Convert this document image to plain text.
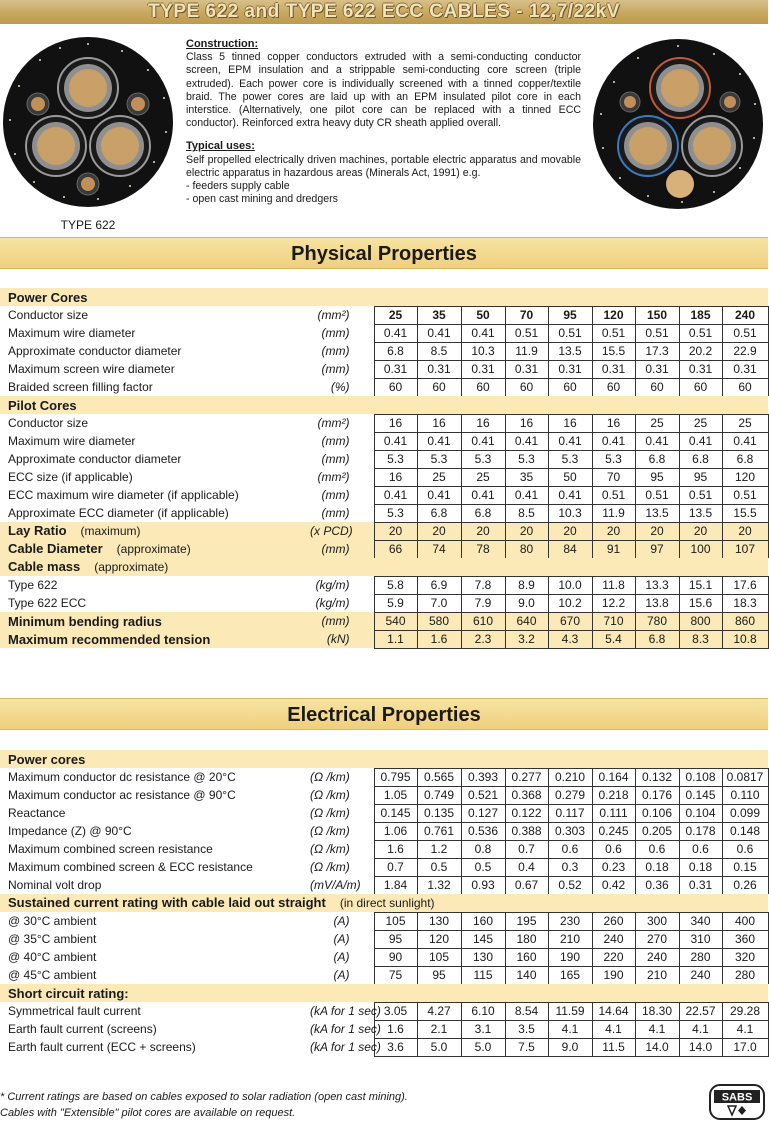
TYPE 622 and TYPE 622 ECC CABLES - 12,7/22kV
TYPE 622
Construction:

Class 5 tinned copper conductors extruded with a semi-conducting conductor screen, EPM insulation and a strippable semi-conducting core screen (triple extruded). Each power core is individually screened with a tinned copper/textile braid. The power cores are laid up with an EPM insulated pilot core in each interstice. (Alternatively, one pilot core can be replaced with a tinned ECC conductor). Reinforced extra heavy duty CR sheath applied overall.

Typical uses:

Self propelled electrically driven machines, portable electric apparatus and movable electric apparatus in hazardous areas (Minerals Act, 1991) e.g.

- feeders supply cable
- open cast mining and dredgers
Physical Properties
Power Cores										
Conductor size	(mm²)	25	35	50	70	95	120	150	185	240
Maximum wire diameter	(mm)	0.41	0.41	0.41	0.51	0.51	0.51	0.51	0.51	0.51
Approximate conductor diameter	(mm)	6.8	8.5	10.3	11.9	13.5	15.5	17.3	20.2	22.9
Maximum screen wire diameter	(mm)	0.31	0.31	0.31	0.31	0.31	0.31	0.31	0.31	0.31
Braided screen filling factor	(%)	60	60	60	60	60	60	60	60	60
Pilot Cores										
Conductor size	(mm²)	16	16	16	16	16	16	25	25	25
Maximum wire diameter	(mm)	0.41	0.41	0.41	0.41	0.41	0.41	0.41	0.41	0.41
Approximate conductor diameter	(mm)	5.3	5.3	5.3	5.3	5.3	5.3	6.8	6.8	6.8
ECC size (if applicable)	(mm²)	16	25	25	35	50	70	95	95	120
ECC maximum wire diameter (if applicable)	(mm)	0.41	0.41	0.41	0.41	0.41	0.51	0.51	0.51	0.51
Approximate ECC diameter (if applicable)	(mm)	5.3	6.8	6.8	8.5	10.3	11.9	13.5	13.5	15.5
Lay Ratio (maximum)	(x PCD)	20	20	20	20	20	20	20	20	20
Cable Diameter (approximate)	(mm)	66	74	78	80	84	91	97	100	107
Cable mass (approximate)										
Type 622	(kg/m)	5.8	6.9	7.8	8.9	10.0	11.8	13.3	15.1	17.6
Type 622 ECC	(kg/m)	5.9	7.0	7.9	9.0	10.2	12.2	13.8	15.6	18.3
Minimum bending radius	(mm)	540	580	610	640	670	710	780	800	860
Maximum recommended tension	(kN)	1.1	1.6	2.3	3.2	4.3	5.4	6.8	8.3	10.8
Electrical Properties
Power cores										
Maximum conductor dc resistance @ 20°C	(Ω /km)	0.795	0.565	0.393	0.277	0.210	0.164	0.132	0.108	0.0817
Maximum conductor ac resistance @ 90°C	(Ω /km)	1.05	0.749	0.521	0.368	0.279	0.218	0.176	0.145	0.110
Reactance	(Ω /km)	0.145	0.135	0.127	0.122	0.117	0.111	0.106	0.104	0.099
Impedance (Z) @ 90°C	(Ω /km)	1.06	0.761	0.536	0.388	0.303	0.245	0.205	0.178	0.148
Maximum combined screen resistance	(Ω /km)	1.6	1.2	0.8	0.7	0.6	0.6	0.6	0.6	0.6
Maximum combined screen & ECC resistance	(Ω /km)	0.7	0.5	0.5	0.4	0.3	0.23	0.18	0.18	0.15
Nominal volt drop	(mV/A/m)	1.84	1.32	0.93	0.67	0.52	0.42	0.36	0.31	0.26
Sustained current rating with cable laid out straight (in direct sunlight)										
@ 30°C ambient	(A)	105	130	160	195	230	260	300	340	400
@ 35°C ambient	(A)	95	120	145	180	210	240	270	310	360
@ 40°C ambient	(A)	90	105	130	160	190	220	240	280	320
@ 45°C ambient	(A)	75	95	115	140	165	190	210	240	280
Short circuit rating:										
Symmetrical fault current	(kA for 1 sec)	3.05	4.27	6.10	8.54	11.59	14.64	18.30	22.57	29.28
Earth fault current (screens)	(kA for 1 sec)	1.6	2.1	3.1	3.5	4.1	4.1	4.1	4.1	4.1
Earth fault current (ECC + screens)	(kA for 1 sec)	3.6	5.0	5.0	7.5	9.0	11.5	14.0	14.0	17.0
* Current ratings are based on cables exposed to solar radiation (open cast mining).
Cables with "Extensible" pilot cores are available on request.
SABS
